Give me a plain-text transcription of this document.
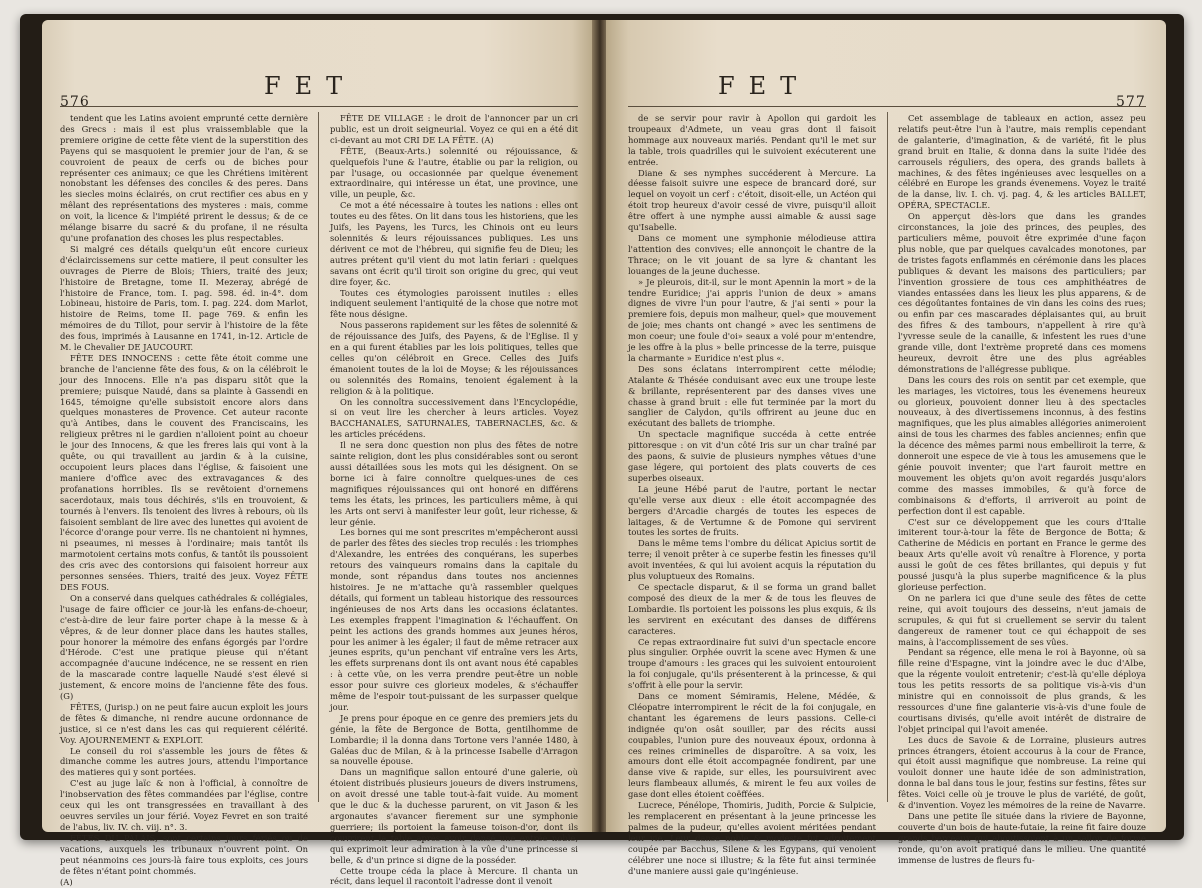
576
FET

tendent que les Latins avoient emprunté cette dernière des Grecs : mais il est plus vraissemblable que la premiere origine de cette fête vient de la superstition des Payens qui se masquoient le premier jour de l'an, & se couvroient de peaux de cerfs ou de biches pour représenter ces animaux; ce que les Chrétiens imitèrent nonobstant les défenses des conciles & des peres. Dans les siecles moins éclairés, on crut rectifier ces abus en y mêlant des représentations des mysteres : mais, comme on voit, la licence & l'impiété prirent le dessus; & de ce mélange bisarre du sacré & du profane, il ne résulta qu'une profanation des choses les plus respectables.

Si malgré ces détails quelqu'un eût encore curieux d'éclaircissemens sur cette matiere, il peut consulter les ouvrages de Pierre de Blois; Thiers, traité des jeux; l'histoire de Bretagne, tome II. Mezeray, abrégé de l'histoire de France, tom. I. pag. 598. éd. in-4°. dom Lobineau, histoire de Paris, tom. I. pag. 224. dom Marlot, histoire de Reims, tome II. page 769. & enfin les mémoires de du Tillot, pour servir à l'histoire de la fête des fous, imprimés à Lausanne en 1741, in-12. Article de M. le Chevalier DE JAUCOURT.

FÊTE DES INNOCENS : cette fête étoit comme une branche de l'ancienne fête des fous, & on la célébroit le jour des Innocens. Elle n'a pas disparu sitôt que la premiere; puisque Naudé, dans sa plainte à Gassendi en 1645, témoigne qu'elle subsistoit encore alors dans quelques monasteres de Provence. Cet auteur raconte qu'à Antibes, dans le couvent des Franciscains, les religieux prêtres ni le gardien n'alloient point au choeur le jour des Innocens, & que les freres lais qui vont à la quête, ou qui travaillent au jardin & à la cuisine, occupoient leurs places dans l'église, & faisoient une maniere d'office avec des extravagances & des profanations horribles. Ils se revêtoient d'ornemens sacerdotaux, mais tous déchirés, s'ils en trouvoient, & tournés à l'envers. Ils tenoient des livres à rebours, où ils faisoient semblant de lire avec des lunettes qui avoient de l'écorce d'orange pour verre. Ils ne chantoient ni hymnes, ni pseaumes, ni messes à l'ordinaire; mais tantôt ils marmotoient certains mots confus, & tantôt ils poussoient des cris avec des contorsions qui faisoient horreur aux personnes sensées. Thiers, traité des jeux. Voyez FÊTE DES FOUS.

On a conservé dans quelques cathédrales & collégiales, l'usage de faire officier ce jour-là les enfans-de-choeur, c'est-à-dire de leur faire porter chape à la messe & à vêpres, & de leur donner place dans les hautes stalles, pour honorer la mémoire des enfans égorgés par l'ordre d'Hérode. C'est une pratique pieuse qui n'étant accompagnée d'aucune indécence, ne se ressent en rien de la mascarade contre laquelle Naudé s'est élevé si justement, & encore moins de l'ancienne fête des fous. (G)

FÊTES, (Jurisp.) on ne peut faire aucun exploit les jours de fêtes & dimanche, ni rendre aucune ordonnance de justice, si ce n'est dans les cas qui requierent célérité. Voy. AJOURNEMENT & EXPLOIT.

Le conseil du roi s'assemble les jours de fêtes & dimanche comme les autres jours, attendu l'importance des matieres qui y sont portées.

C'est au juge laïc & non à l'official, à connoître de l'inobservation des fêtes commandées par l'église, contre ceux qui les ont transgressées en travaillant à des oeuvres serviles un jour férié. Voyez Fevret en son traité de l'abus, liv. IV. ch. viij. n°. 3.

FÊTES DU PALAIS, sont certains jours fériés ou de vacations, auxquels les tribunaux n'ouvrent point. On peut néanmoins ces jours-là faire tous exploits, ces jours de fêtes n'étant point chommés.

(A)

FÊTE DE VILLAGE : le droit de l'annoncer par un cri public, est un droit seigneurial. Voyez ce qui en a été dit ci-devant au mot CRI DE LA FÊTE. (A)

FÊTE, (Beaux-Arts.) solennité ou réjouissance, & quelquefois l'une & l'autre, établie ou par la religion, ou par l'usage, ou occasionnée par quelque évenement extraordinaire, qui intéresse un état, une province, une ville, un peuple, &c.

Ce mot a été nécessaire à toutes les nations : elles ont toutes eu des fêtes. On lit dans tous les historiens, que les Juifs, les Payens, les Turcs, les Chinois ont eu leurs solennités & leurs réjouissances publiques. Les uns dérivent ce mot de l'hébreu, qui signifie feu de Dieu; les autres prétent qu'il vient du mot latin feriari : quelques savans ont écrit qu'il tiroit son origine du grec, qui veut dire foyer, &c.

Toutes ces étymologies paroissent inutiles : elles indiquent seulement l'antiquité de la chose que notre mot fête nous désigne.

Nous passerons rapidement sur les fêtes de solennité & de réjouissance des Juifs, des Payens, & de l'Eglise. Il y en a qui furent établies par les lois politiques, telles que celles qu'on célébroit en Grece. Celles des Juifs émanoient toutes de la loi de Moyse; & les réjouissances ou solennités des Romains, tenoient également à la religion & à la politique.

On les connoîtra successivement dans l'Encyclopédie, si on veut lire les chercher à leurs articles. Voyez BACCHANALES, SATURNALES, TABERNACLES, &c. & les articles précédens.

Il ne sera donc question non plus des fêtes de notre sainte religion, dont les plus considérables sont ou seront aussi détaillées sous les mots qui les désignent. On se borne ici à faire connoître quelques-unes de ces magnifiques réjouissances qui ont honoré en différens tems les états, les princes, les particuliers même, à qui les Arts ont servi à manifester leur goût, leur richesse, & leur génie.

Les bornes qui me sont prescrites m'empêcheront aussi de parler des fêtes des siecles trop reculés : les triomphes d'Alexandre, les entrées des conquérans, les superbes retours des vainqueurs romains dans la capitale du monde, sont répandus dans toutes nos anciennes histoires. Je ne m'attache qu'à rassembler quelques détails, qui forment un tableau historique des ressources ingénieuses de nos Arts dans les occasions éclatantes. Les exemples frappent l'imagination & l'échauffent. On peint les actions des grands hommes aux jeunes héros, pour les animer à les égaler; il faut de même retracer aux jeunes esprits, qu'un penchant vif entraîne vers les Arts, les effets surprenans dont ils ont avant nous été capables : à cette vûe, on les verra prendre peut-être un noble essor pour suivre ces glorieux modeles, & s'échauffer même de l'espoir tout-puissant de les surpasser quelque jour.

Je prens pour époque en ce genre des premiers jets du génie, la fête de Bergonce de Botta, gentilhomme de Lombardie; il la donna dans Tortone vers l'année 1480, à Galéas duc de Milan, & à la princesse Isabelle d'Arragon sa nouvelle épouse.

Dans un magnifique sallon entouré d'une galerie, où étoient distribués plusieurs joueurs de divers instrumens, on avoit dressé une table tout-à-fait vuide. Au moment que le duc & la duchesse parurent, on vit Jason & les argonautes s'avancer fierement sur une symphonie guerriere; ils portoient la fameuse toison-d'or, dont ils couvrirent la table après avoir dansé une entrée noble, qui exprimoit leur admiration à la vûe d'une princesse si belle, & d'un prince si digne de la posséder.

Cette troupe céda la place à Mercure. Il chanta un récit, dans lequel il racontoit l'adresse dont il venoit

FET
577

de se servir pour ravir à Apollon qui gardoit les troupeaux d'Admete, un veau gras dont il faisoit hommage aux nouveaux mariés. Pendant qu'il le met sur la table, trois quadrilles qui le suivoient exécuterent une entrée.

Diane & ses nymphes succéderent à Mercure. La déesse faisoit suivre une espece de brancard doré, sur lequel on voyoit un cerf : c'étoit, disoit-elle, un Actéon qui étoit trop heureux d'avoir cessé de vivre, puisqu'il alloit être offert à une nymphe aussi aimable & aussi sage qu'Isabelle.

Dans ce moment une symphonie mélodieuse attira l'attention des convives; elle annonçoit le chantre de la Thrace; on le vit jouant de sa lyre & chantant les louanges de la jeune duchesse.

» Je pleurois, dit-il, sur le mont Apennin la mort » de la tendre Euridice; j'ai appris l'union de deux » amans dignes de vivre l'un pour l'autre, & j'ai senti » pour la premiere fois, depuis mon malheur, quel» que mouvement de joie; mes chants ont changé » avec les sentimens de mon coeur; une foule d'oi» seaux a volé pour m'entendre, je les offre à la plus » belle princesse de la terre, puisque la charmante » Euridice n'est plus «.

Des sons éclatans interrompirent cette mélodie; Atalante & Thésée conduisant avec eux une troupe leste & brillante, représenterent par des danses vives une chasse à grand bruit : elle fut terminée par la mort du sanglier de Calydon, qu'ils offrirent au jeune duc en exécutant des ballets de triomphe.

Un spectacle magnifique succéda à cette entrée pittoresque : on vit d'un côté Iris sur un char traîné par des paons, & suivie de plusieurs nymphes vêtues d'une gase légere, qui portoient des plats couverts de ces superbes oiseaux.

La jeune Hébé parut de l'autre, portant le nectar qu'elle verse aux dieux : elle étoit accompagnée des bergers d'Arcadie chargés de toutes les especes de laitages, & de Vertumne & de Pomone qui servirent toutes les sortes de fruits.

Dans le même tems l'ombre du délicat Apicius sortit de terre; il venoit prêter à ce superbe festin les finesses qu'il avoit inventées, & qui lui avoient acquis la réputation du plus voluptueux des Romains.

Ce spectacle disparut, & il se forma un grand ballet composé des dieux de la mer & de tous les fleuves de Lombardie. Ils portoient les poissons les plus exquis, & ils les servirent en exécutant des danses de différens caracteres.

Ce repas extraordinaire fut suivi d'un spectacle encore plus singulier. Orphée ouvrit la scene avec Hymen & une troupe d'amours : les graces qui les suivoient entouroient la foi conjugale, qu'ils présenterent à la princesse, & qui s'offrit à elle pour la servir.

Dans ce moment Sémiramis, Helene, Médée, & Cléopatre interrompirent le récit de la foi conjugale, en chantant les égaremens de leurs passions. Celle-ci indignée qu'on osât souiller, par des récits aussi coupables, l'union pure des nouveaux époux, ordonna à ces reines criminelles de disparoître. A sa voix, les amours dont elle étoit accompagnée fondirent, par une danse vive & rapide, sur elles, les poursuivirent avec leurs flambeaux allumés, & mirent le feu aux voiles de gase dont elles étoient coëffées.

Lucrece, Pénélope, Thomiris, Judith, Porcie & Sulpicie, les remplacerent en présentant à la jeune princesse les palmes de la pudeur, qu'elles avoient méritées pendant leur vie. Leur danse noble & modeste fut adroitement coupée par Bacchus, Silene & les Egypans, qui venoient célébrer une noce si illustre; & la fête fut ainsi terminée d'une maniere aussi gaie qu'ingénieuse.

Cet assemblage de tableaux en action, assez peu relatifs peut-être l'un à l'autre, mais remplis cependant de galanterie, d'imagination, & de variété, fit le plus grand bruit en Italie, & donna dans la suite l'idée des carrousels réguliers, des opera, des grands ballets à machines, & des fêtes ingénieuses avec lesquelles on a célébré en Europe les grands évenemens. Voyez le traité de la danse, liv. I. ch. vj. pag. 4, & les articles BALLET, OPÉRA, SPECTACLE.

On apperçut dès-lors que dans les grandes circonstances, la joie des princes, des peuples, des particuliers même, pouvoit être exprimée d'une façon plus noble, que par quelques cavalcades monotones, par de tristes fagots enflammés en cérémonie dans les places publiques & devant les maisons des particuliers; par l'invention grossiere de tous ces amphithéatres de viandes entassées dans les lieux les plus apparens, & de ces dégoûtantes fontaines de vin dans les coins des rues; ou enfin par ces mascarades déplaisantes qui, au bruit des fifres & des tambours, n'appellent à rire qu'à l'yvresse seule de la canaille, & infestent les rues d'une grande ville, dont l'extrème propreté dans ces momens heureux, devroit être une des plus agréables démonstrations de l'allégresse publique.

Dans les cours des rois on sentit par cet exemple, que les mariages, les victoires, tous les évenemens heureux ou glorieux, pouvoient donner lieu à des spectacles nouveaux, à des divertissemens inconnus, à des festins magnifiques, que les plus aimables allégories animeroient ainsi de tous les charmes des fables anciennes; enfin que la décence des mêmes parmi nous embelliroit la terre, & donneroit une espece de vie à tous les amusemens que le génie pouvoit inventer; que l'art fauroit mettre en mouvement les objets qu'on avoit regardés jusqu'alors comme des masses immobiles, & qu'à force de combinaisons & d'efforts, il arriveroit au point de perfection dont il est capable.

C'est sur ce développement que les cours d'Italie imiterent tour-à-tour la fête de Bergonce de Botta; & Catherine de Médicis en portant en France le germe des beaux Arts qu'elle avoit vû renaître à Florence, y porta aussi le goût de ces fêtes brillantes, qui depuis y fut poussé jusqu'à la plus superbe magnificence & la plus glorieuse perfection.

On ne parlera ici que d'une seule des fêtes de cette reine, qui avoit toujours des desseins, n'eut jamais de scrupules, & qui fut si cruellement se servir du talent dangereux de ramener tout ce qui échappoit de ses mains, à l'accomplissement de ses vûes.

Pendant sa régence, elle mena le roi à Bayonne, où sa fille reine d'Espagne, vint la joindre avec le duc d'Albe, que la régente vouloit entretenir; c'est-là qu'elle déploya tous les petits ressorts de sa politique vis-à-vis d'un ministre qui en connoissoit de plus grands, & les ressources d'une fine galanterie vis-à-vis d'une foule de courtisans divisés, qu'elle avoit intérêt de distraire de l'objet principal qui l'avoit amenée.

Les ducs de Savoie & de Lorraine, plusieurs autres princes étrangers, étoient accourus à la cour de France, qui étoit aussi magnifique que nombreuse. La reine qui vouloit donner une haute idée de son administration, donna le bal dans tous le jour, festins sur festins, fêtes sur fêtes. Voici celle où je trouve le plus de variété, de goût, & d'invention. Voyez les mémoires de la reine de Navarre.

Dans une petite île située dans la riviere de Bayonne, couverte d'un bois de haute-futaie, la reine fit faire douze grands berceaux qui aboutissoient à un sallon de forme ronde, qu'on avoit pratiqué dans le milieu. Une quantité immense de lustres de fleurs fu-
